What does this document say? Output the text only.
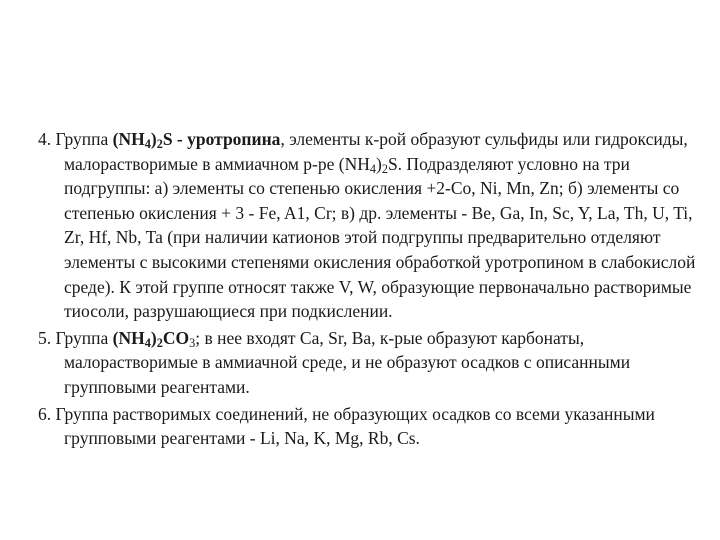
4. Группа $(NH_4)_2S$ - уротропина, элементы к-рой образуют сульфиды или гидроксиды, малорастворимые в аммиачном р-ре $(NH_4)_2S$. Подразделяют условно на три подгруппы: а) элементы со степенью окисления +2-Co, Ni, Mn, Zn; б) элементы со степенью окисления + 3 - Fe, A1, Cr; в) др. элементы - Be, Ga, In, Sc, Y, La, Th, U, Ti, Zr, Hf, Nb, Ta (при наличии катионов этой подгруппы предварительно отделяют элементы с высокими степенями окисления обработкой уротропином в слабокислой среде). К этой группе относят также V, W, образующие первоначально растворимые тиосоли, разрушающиеся при подкислении.

5. Группа $(NH_4)_2CO_3$; в нее входят Ca, Sr, Ba, к-рые образуют карбонаты, малорастворимые в аммиачной среде, и не образуют осадков с описанными групповыми реагентами.

6. Группа растворимых соединений, не образующих осадков со всеми указанными групповыми реагентами - Li, Na, K, Mg, Rb, Cs.
